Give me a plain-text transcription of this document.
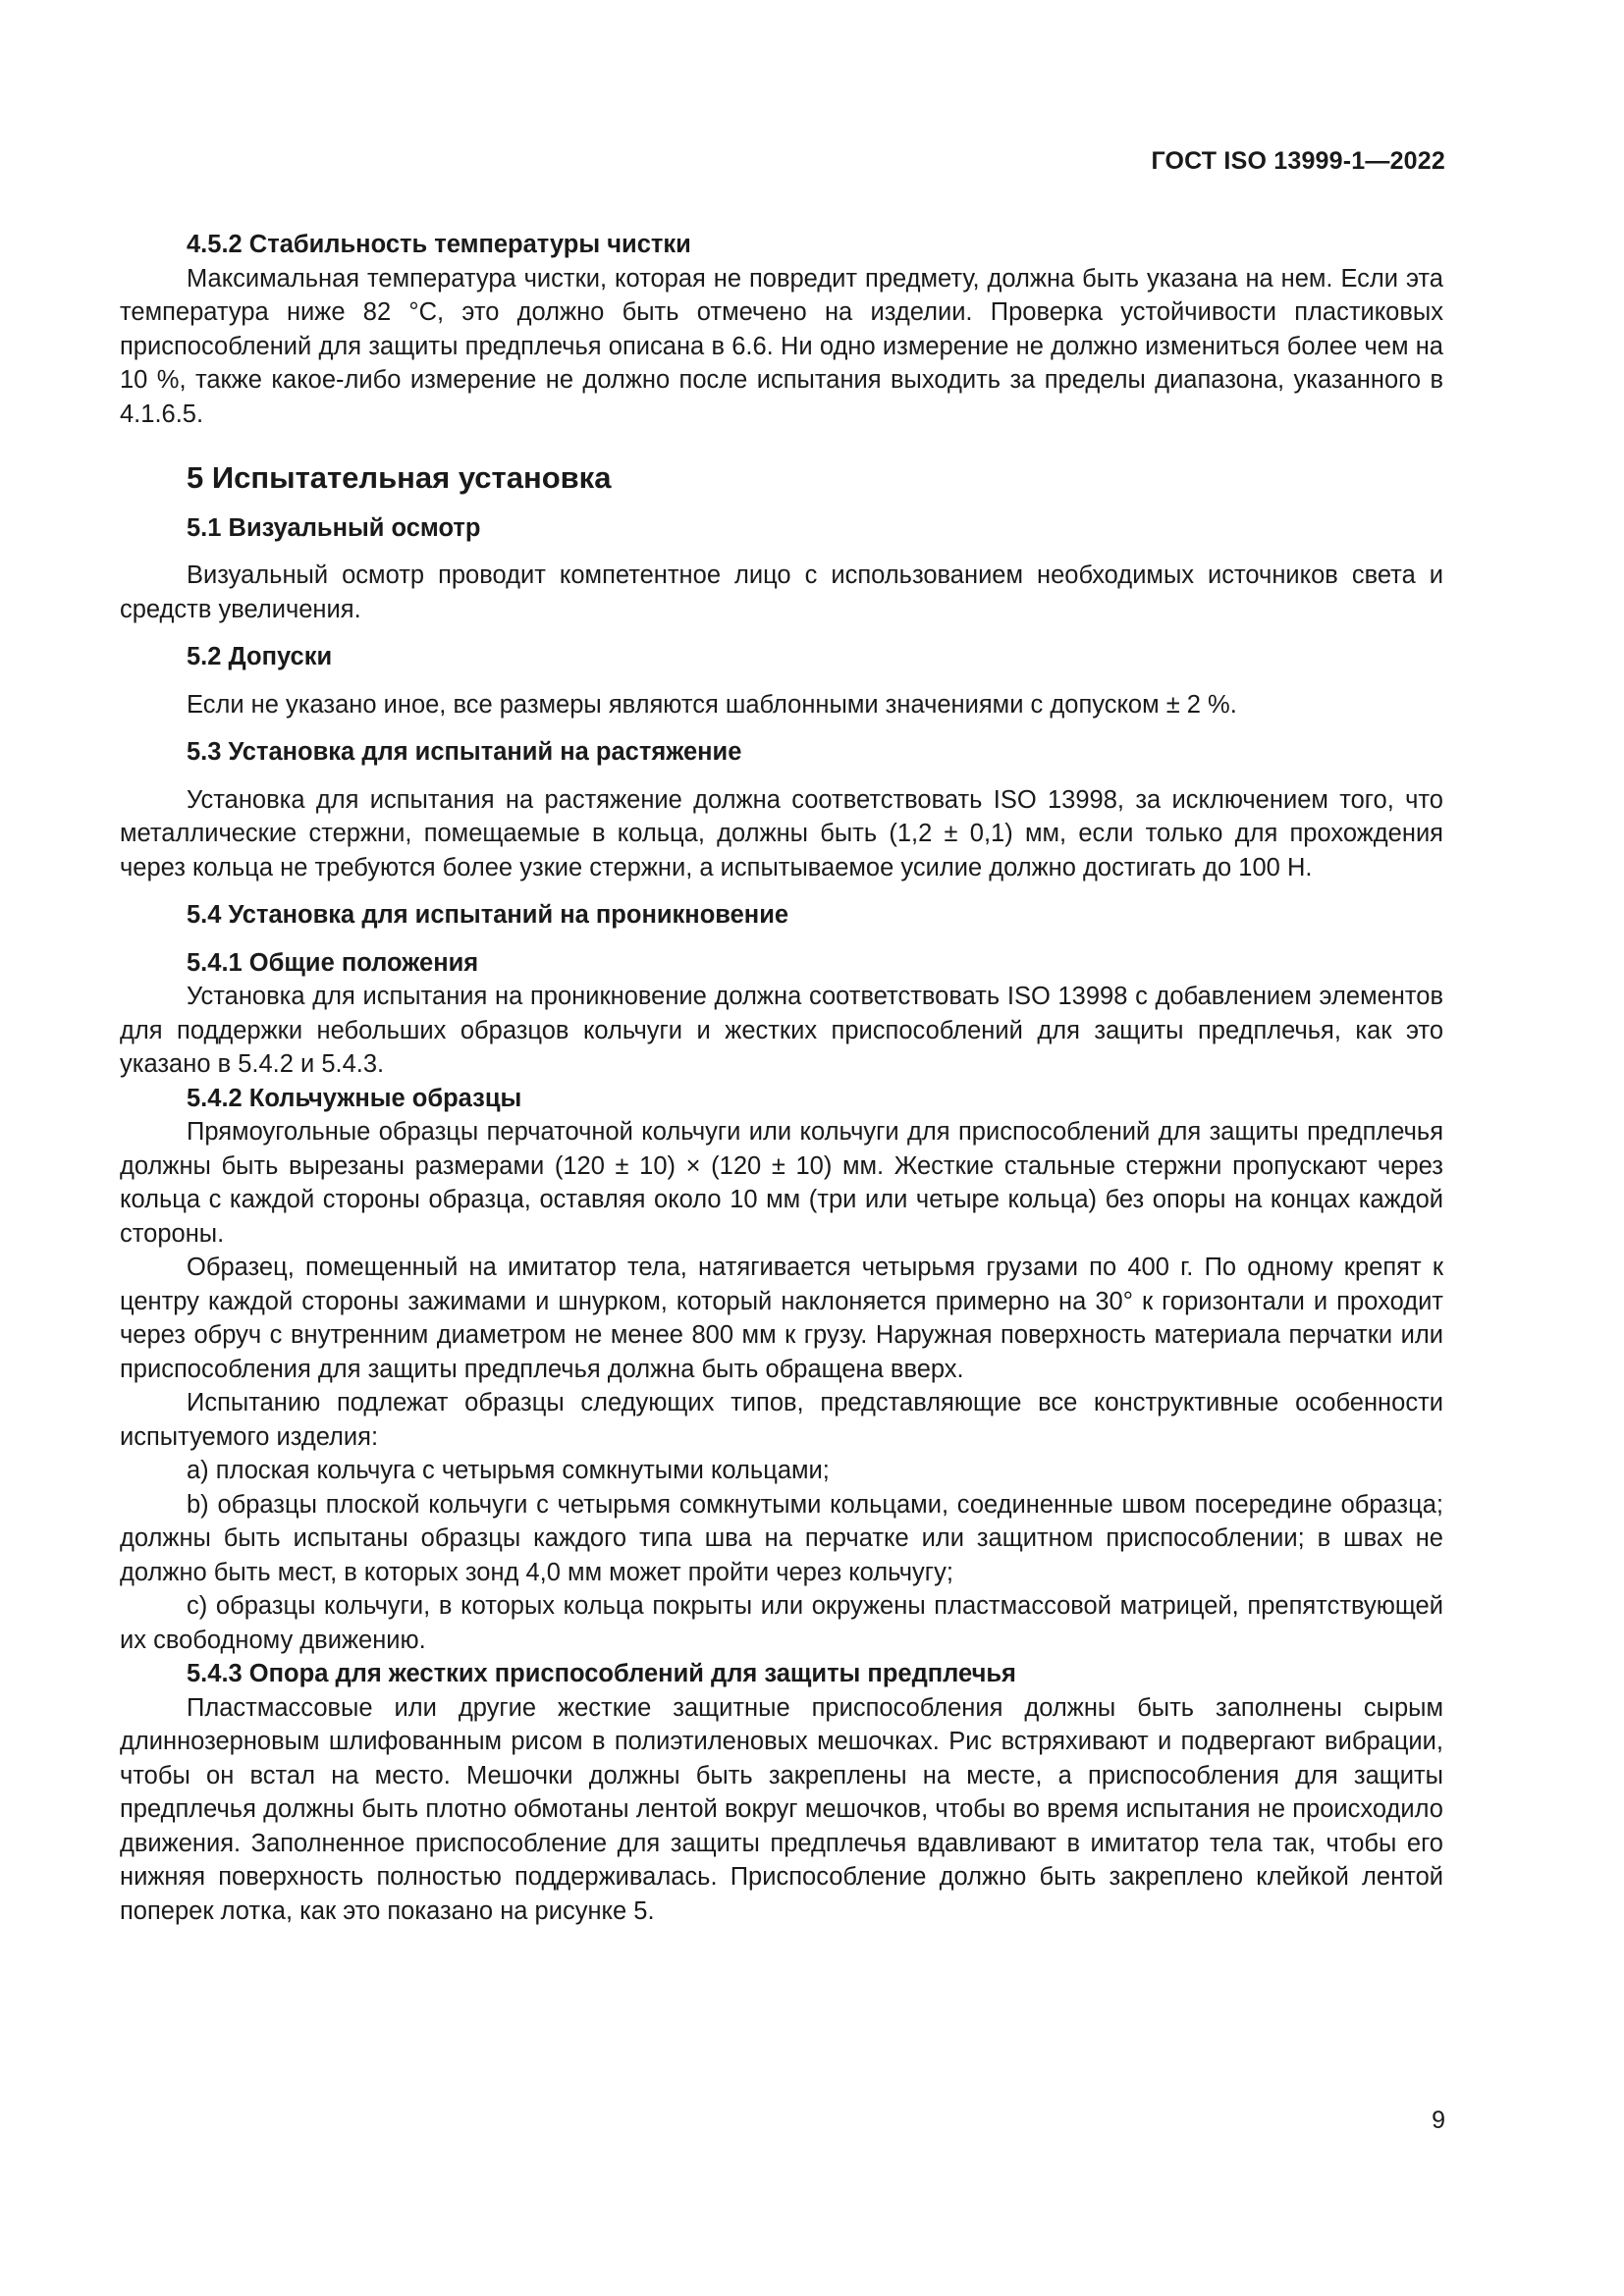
ГОСТ ISO 13999-1—2022
4.5.2 Стабильность температуры чистки

Максимальная температура чистки, которая не повредит предмету, должна быть указана на нем. Если эта температура ниже 82 °С, это должно быть отмечено на изделии. Проверка устойчивости пластиковых приспособлений для защиты предплечья описана в 6.6. Ни одно измерение не должно измениться более чем на 10 %, также какое-либо измерение не должно после испытания выходить за пределы диапазона, указанного в 4.1.6.5.

5 Испытательная установка
5.1 Визуальный осмотр

Визуальный осмотр проводит компетентное лицо с использованием необходимых источников света и средств увеличения.

5.2 Допуски

Если не указано иное, все размеры являются шаблонными значениями с допуском ± 2 %.

5.3 Установка для испытаний на растяжение

Установка для испытания на растяжение должна соответствовать ISO 13998, за исключением того, что металлические стержни, помещаемые в кольца, должны быть (1,2 ± 0,1) мм, если только для прохождения через кольца не требуются более узкие стержни, а испытываемое усилие должно достигать до 100 Н.

5.4 Установка для испытаний на проникновение
5.4.1 Общие положения

Установка для испытания на проникновение должна соответствовать ISO 13998 с добавлением элементов для поддержки небольших образцов кольчуги и жестких приспособлений для защиты предплечья, как это указано в 5.4.2 и 5.4.3.

5.4.2 Кольчужные образцы

Прямоугольные образцы перчаточной кольчуги или кольчуги для приспособлений для защиты предплечья должны быть вырезаны размерами (120 ± 10) × (120 ± 10) мм. Жесткие стальные стержни пропускают через кольца с каждой стороны образца, оставляя около 10 мм (три или четыре кольца) без опоры на концах каждой стороны.

Образец, помещенный на имитатор тела, натягивается четырьмя грузами по 400 г. По одному крепят к центру каждой стороны зажимами и шнурком, который наклоняется примерно на 30° к горизонтали и проходит через обруч с внутренним диаметром не менее 800 мм к грузу. Наружная поверхность материала перчатки или приспособления для защиты предплечья должна быть обращена вверх.

Испытанию подлежат образцы следующих типов, представляющие все конструктивные особенности испытуемого изделия:

а) плоская кольчуга с четырьмя сомкнутыми кольцами;

b) образцы плоской кольчуги с четырьмя сомкнутыми кольцами, соединенные швом посередине образца; должны быть испытаны образцы каждого типа шва на перчатке или защитном приспособлении; в швах не должно быть мест, в которых зонд 4,0 мм может пройти через кольчугу;

с) образцы кольчуги, в которых кольца покрыты или окружены пластмассовой матрицей, препятствующей их свободному движению.

5.4.3 Опора для жестких приспособлений для защиты предплечья

Пластмассовые или другие жесткие защитные приспособления должны быть заполнены сырым длиннозерновым шлифованным рисом в полиэтиленовых мешочках. Рис встряхивают и подвергают вибрации, чтобы он встал на место. Мешочки должны быть закреплены на месте, а приспособления для защиты предплечья должны быть плотно обмотаны лентой вокруг мешочков, чтобы во время испытания не происходило движения. Заполненное приспособление для защиты предплечья вдавливают в имитатор тела так, чтобы его нижняя поверхность полностью поддерживалась. Приспособление должно быть закреплено клейкой лентой поперек лотка, как это показано на рисунке 5.

9
